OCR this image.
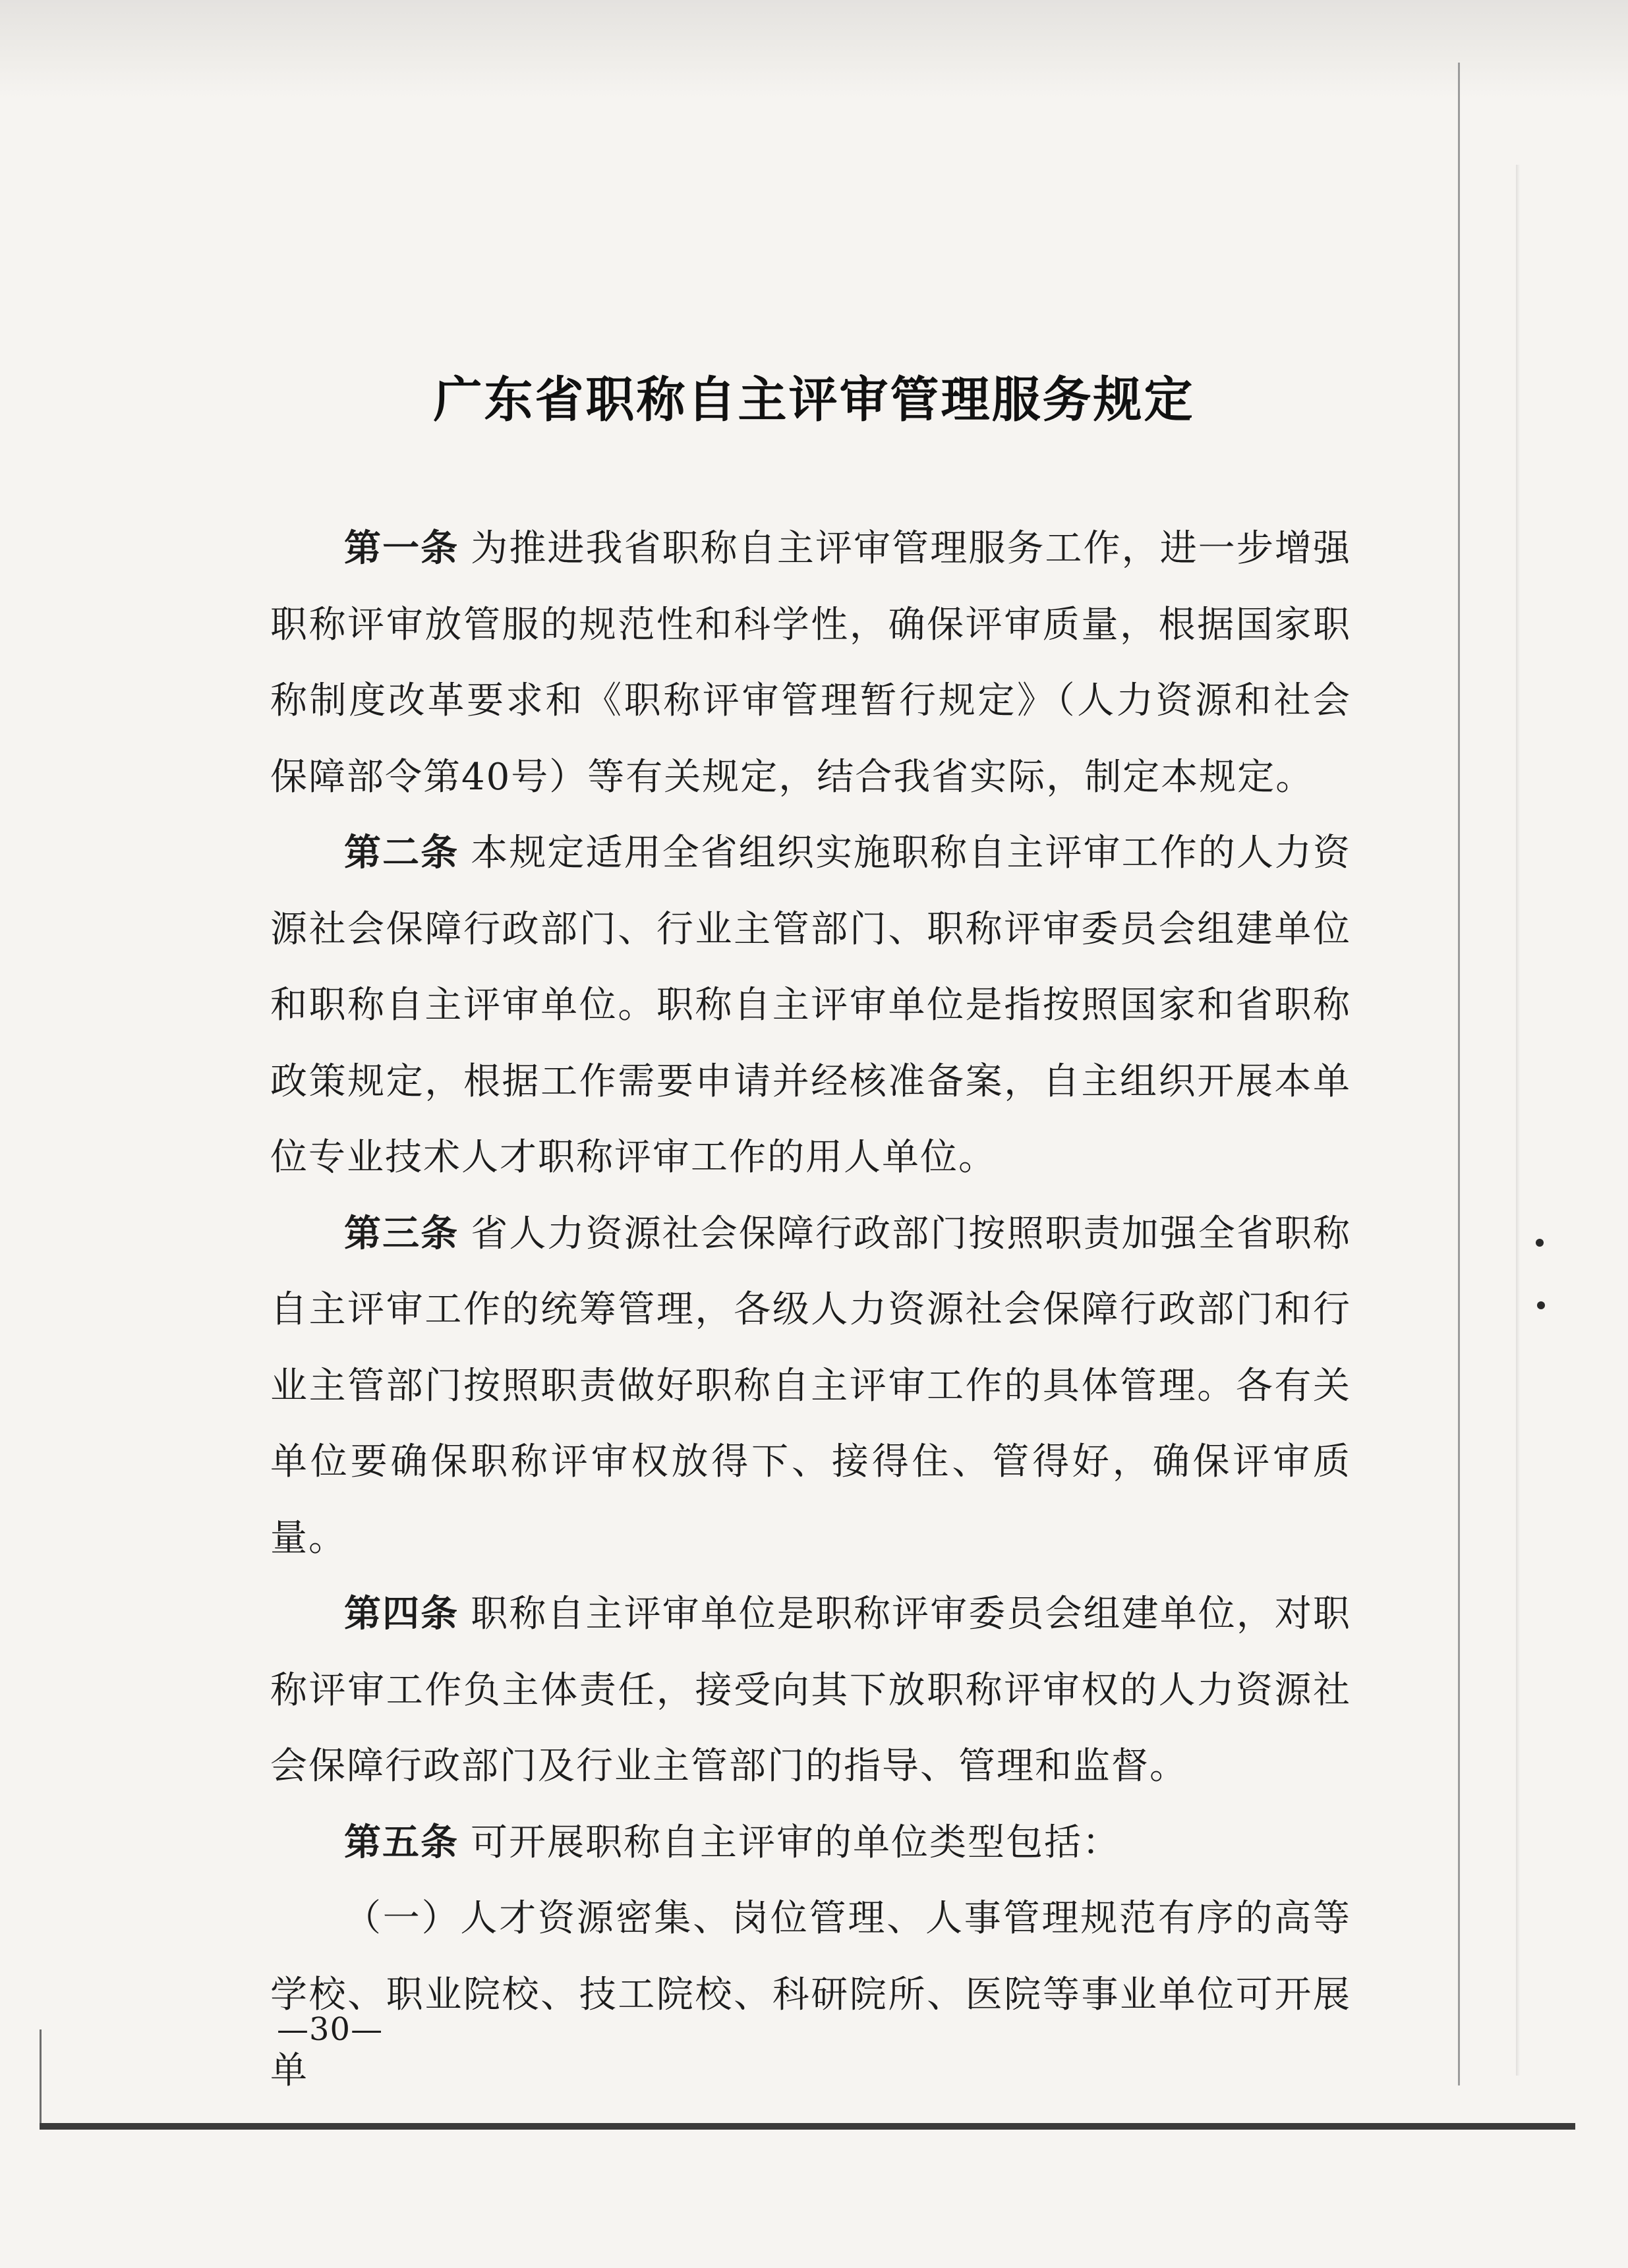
广东省职称自主评审管理服务规定

第一条 为推进我省职称自主评审管理服务工作，进一步增强职称评审放管服的规范性和科学性，确保评审质量，根据国家职称制度改革要求和《职称评审管理暂行规定》（人力资源和社会保障部令第40号）等有关规定，结合我省实际，制定本规定。

第二条 本规定适用全省组织实施职称自主评审工作的人力资源社会保障行政部门、行业主管部门、职称评审委员会组建单位和职称自主评审单位。职称自主评审单位是指按照国家和省职称政策规定，根据工作需要申请并经核准备案，自主组织开展本单位专业技术人才职称评审工作的用人单位。

第三条 省人力资源社会保障行政部门按照职责加强全省职称自主评审工作的统筹管理，各级人力资源社会保障行政部门和行业主管部门按照职责做好职称自主评审工作的具体管理。各有关单位要确保职称评审权放得下、接得住、管得好，确保评审质量。

第四条 职称自主评审单位是职称评审委员会组建单位，对职称评审工作负主体责任，接受向其下放职称评审权的人力资源社会保障行政部门及行业主管部门的指导、管理和监督。

第五条 可开展职称自主评审的单位类型包括：

（一）人才资源密集、岗位管理、人事管理规范有序的高等学校、职业院校、技工院校、科研院所、医院等事业单位可开展单

—30—
